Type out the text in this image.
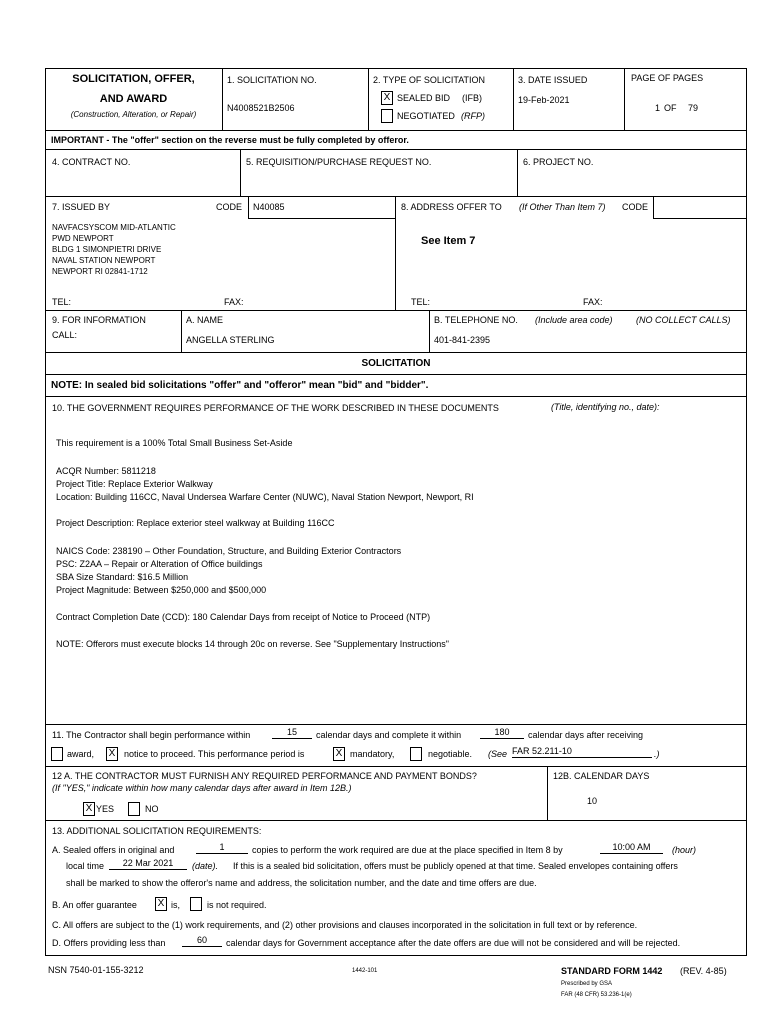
SOLICITATION, OFFER,
AND AWARD
(Construction, Alteration, or Repair)
1. SOLICITATION NO.
N4008521B2506
2. TYPE OF SOLICITATION
X SEALED BID (IFB)
NEGOTIATED (RFP)
3. DATE ISSUED
19-Feb-2021
PAGE OF PAGES
1 OF 79
IMPORTANT - The "offer" section on the reverse must be fully completed by offeror.
4. CONTRACT NO.	5. REQUISITION/PURCHASE REQUEST NO.	6. PROJECT NO.
7. ISSUED BY	CODE N40085
NAVFACSYSCOM MID-ATLANTIC
PWD NEWPORT
BLDG 1 SIMONPIETRI DRIVE
NAVAL STATION NEWPORT
NEWPORT RI 02841-1712
TEL:	FAX:
8. ADDRESS OFFER TO (If Other Than Item 7) CODE
See Item 7
TEL:	FAX:
9. FOR INFORMATION
CALL:
A. NAME
ANGELLA STERLING
B. TELEPHONE NO. (Include area code)	(NO COLLECT CALLS)
401-841-2395
SOLICITATION
NOTE: In sealed bid solicitations "offer" and "offeror" mean "bid" and "bidder".
10. THE GOVERNMENT REQUIRES PERFORMANCE OF THE WORK DESCRIBED IN THESE DOCUMENTS	(Title, identifying no., date):
This requirement is a 100% Total Small Business Set-Aside
ACQR Number: 5811218
Project Title: Replace Exterior Walkway
Location: Building 116CC, Naval Undersea Warfare Center (NUWC), Naval Station Newport, Newport, RI
Project Description: Replace exterior steel walkway at Building 116CC
NAICS Code: 238190 – Other Foundation, Structure, and Building Exterior Contractors
PSC: Z2AA – Repair or Alteration of Office buildings
SBA Size Standard: $16.5 Million
Project Magnitude: Between $250,000 and $500,000
Contract Completion Date (CCD): 180 Calendar Days from receipt of Notice to Proceed (NTP)
NOTE: Offerors must execute blocks 14 through 20c on reverse. See "Supplementary Instructions"
11. The Contractor shall begin performance within	15	calendar days and complete it within	180	calendar days after receiving
award, X notice to proceed. This performance period is	X mandatory,	negotiable. (See FAR 52.211-10	.)
12 A. THE CONTRACTOR MUST FURNISH ANY REQUIRED PERFORMANCE AND PAYMENT BONDS?
(If "YES," indicate within how many calendar days after award in Item 12B.)
X YES	NO
12B. CALENDAR DAYS
10
13. ADDITIONAL SOLICITATION REQUIREMENTS:
A. Sealed offers in original and	1	copies to perform the work required are due at the place specified in Item 8 by	10:00 AM	(hour)
local time	22 Mar 2021	(date). If this is a sealed bid solicitation, offers must be publicly opened at that time. Sealed envelopes containing offers
shall be marked to show the offeror's name and address, the solicitation number, and the date and time offers are due.
B. An offer guarantee X is,	is not required.
C. All offers are subject to the (1) work requirements, and (2) other provisions and clauses incorporated in the solicitation in full text or by reference.
D. Offers providing less than	60	calendar days for Government acceptance after the date offers are due will not be considered and will be rejected.
NSN 7540-01-155-3212	1442-101	STANDARD FORM 1442 (REV. 4-85)
Prescribed by GSA
FAR (48 CFR) 53.236-1(e)
